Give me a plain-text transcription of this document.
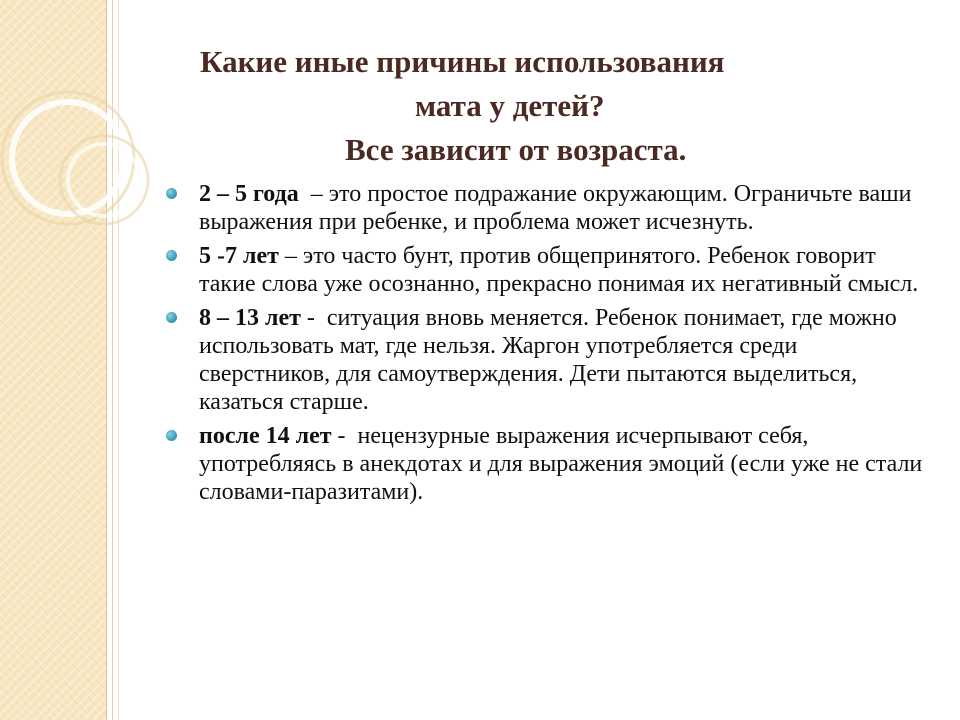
Какие иные причины использования

мата у детей?

Все зависит от возраста.

2 – 5 года  – это простое подражание окружающим. Ограничьте ваши выражения при ребенке, и проблема может исчезнуть.
5 -7 лет – это часто бунт, против общепринятого. Ребенок говорит такие слова уже осознанно, прекрасно понимая их негативный смысл.
8 – 13 лет -  ситуация вновь меняется. Ребенок понимает, где можно использовать мат, где нельзя. Жаргон употребляется среди сверстников, для самоутверждения. Дети пытаются выделиться, казаться старше.
после 14 лет -  нецензурные выражения исчерпывают себя, употребляясь в анекдотах и для выражения эмоций (если уже не стали словами-паразитами).
